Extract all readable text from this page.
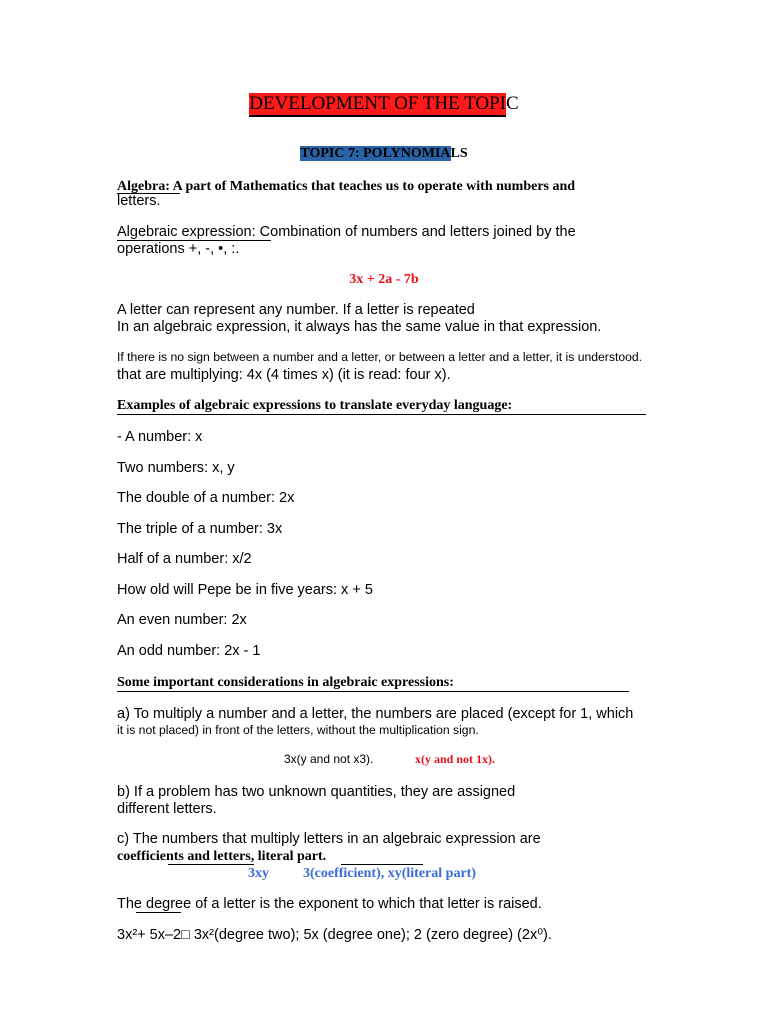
DEVELOPMENT OF THE TOPIC
TOPIC 7: POLYNOMIALS
Algebra: A part of Mathematics that teaches us to operate with numbers and
letters.
Algebraic expression: Combination of numbers and letters joined by the
operations +, -, •, :.
3x + 2a - 7b
A letter can represent any number. If a letter is repeated
In an algebraic expression, it always has the same value in that expression.
If there is no sign between a number and a letter, or between a letter and a letter, it is understood.
that are multiplying: 4x (4 times x) (it is read: four x).
Examples of algebraic expressions to translate everyday language:
- A number: x
Two numbers: x, y
The double of a number: 2x
The triple of a number: 3x
Half of a number: x/2
How old will Pepe be in five years: x + 5
An even number: 2x
An odd number: 2x - 1
Some important considerations in algebraic expressions:
a) To multiply a number and a letter, the numbers are placed (except for 1, which
it is not placed) in front of the letters, without the multiplication sign.
3x(y and not x3).	x(y and not 1x).
b) If a problem has two unknown quantities, they are assigned
different letters.
c) The numbers that multiply letters in an algebraic expression are
coefficients and letters, literal part.
3xy 3(coefficient), xy(literal part)
The degree of a letter is the exponent to which that letter is raised.
3x²+ 5x–2□ 3x²(degree two); 5x (degree one); 2 (zero degree) (2x⁰).
